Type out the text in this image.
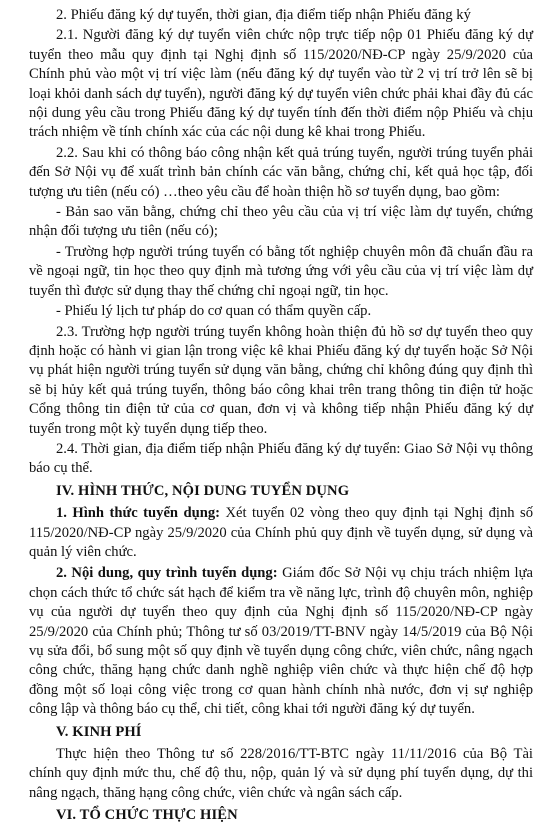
2. Phiếu đăng ký dự tuyển, thời gian, địa điểm tiếp nhận Phiếu đăng ký

2.1. Người đăng ký dự tuyển viên chức nộp trực tiếp nộp 01 Phiếu đăng ký dự tuyển theo mẫu quy định tại Nghị định số 115/2020/NĐ-CP ngày 25/9/2020 của Chính phủ vào một vị trí việc làm (nếu đăng ký dự tuyển vào từ 2 vị trí trở lên sẽ bị loại khỏi danh sách dự tuyển), người đăng ký dự tuyển viên chức phải khai đầy đủ các nội dung yêu cầu trong Phiếu đăng ký dự tuyển tính đến thời điểm nộp Phiếu và chịu trách nhiệm về tính chính xác của các nội dung kê khai trong Phiếu.

2.2. Sau khi có thông báo công nhận kết quả trúng tuyển, người trúng tuyển phải đến Sở Nội vụ để xuất trình bản chính các văn bằng, chứng chỉ, kết quả học tập, đối tượng ưu tiên (nếu có) …theo yêu cầu để hoàn thiện hồ sơ tuyển dụng, bao gồm:

- Bản sao văn bằng, chứng chỉ theo yêu cầu của vị trí việc làm dự tuyển, chứng nhận đối tượng ưu tiên (nếu có);

- Trường hợp người trúng tuyển có bằng tốt nghiệp chuyên môn đã chuẩn đầu ra về ngoại ngữ, tin học theo quy định mà tương ứng với yêu cầu của vị trí việc làm dự tuyển thì được sử dụng thay thế chứng chỉ ngoại ngữ, tin học.

- Phiếu lý lịch tư pháp do cơ quan có thẩm quyền cấp.

2.3. Trường hợp người trúng tuyển không hoàn thiện đủ hồ sơ dự tuyển theo quy định hoặc có hành vi gian lận trong việc kê khai Phiếu đăng ký dự tuyển hoặc Sở Nội vụ phát hiện người trúng tuyển sử dụng văn bằng, chứng chỉ không đúng quy định thì sẽ bị hủy kết quả trúng tuyển, thông báo công khai trên trang thông tin điện tử hoặc Cổng thông tin điện tử của cơ quan, đơn vị và không tiếp nhận Phiếu đăng ký dự tuyển trong một kỳ tuyển dụng tiếp theo.

2.4. Thời gian, địa điểm tiếp nhận Phiếu đăng ký dự tuyển: Giao Sở Nội vụ thông báo cụ thể.

IV. HÌNH THỨC, NỘI DUNG TUYỂN DỤNG

1. Hình thức tuyển dụng: Xét tuyển 02 vòng theo quy định tại Nghị định số 115/2020/NĐ-CP ngày 25/9/2020 của Chính phủ quy định về tuyển dụng, sử dụng và quản lý viên chức.

2. Nội dung, quy trình tuyển dụng: Giám đốc Sở Nội vụ chịu trách nhiệm lựa chọn cách thức tổ chức sát hạch để kiểm tra về năng lực, trình độ chuyên môn, nghiệp vụ của người dự tuyển theo quy định của Nghị định số 115/2020/NĐ-CP ngày 25/9/2020 của Chính phủ; Thông tư số 03/2019/TT-BNV ngày 14/5/2019 của Bộ Nội vụ sửa đổi, bổ sung một số quy định về tuyển dụng công chức, viên chức, nâng ngạch công chức, thăng hạng chức danh nghề nghiệp viên chức và thực hiện chế độ hợp đồng một số loại công việc trong cơ quan hành chính nhà nước, đơn vị sự nghiệp công lập và thông báo cụ thể, chi tiết, công khai tới người đăng ký dự tuyển.

V. KINH PHÍ

Thực hiện theo Thông tư số 228/2016/TT-BTC ngày 11/11/2016 của Bộ Tài chính quy định mức thu, chế độ thu, nộp, quản lý và sử dụng phí tuyển dụng, dự thi nâng ngạch, thăng hạng công chức, viên chức và ngân sách cấp.

VI. TỔ CHỨC THỰC HIỆN
